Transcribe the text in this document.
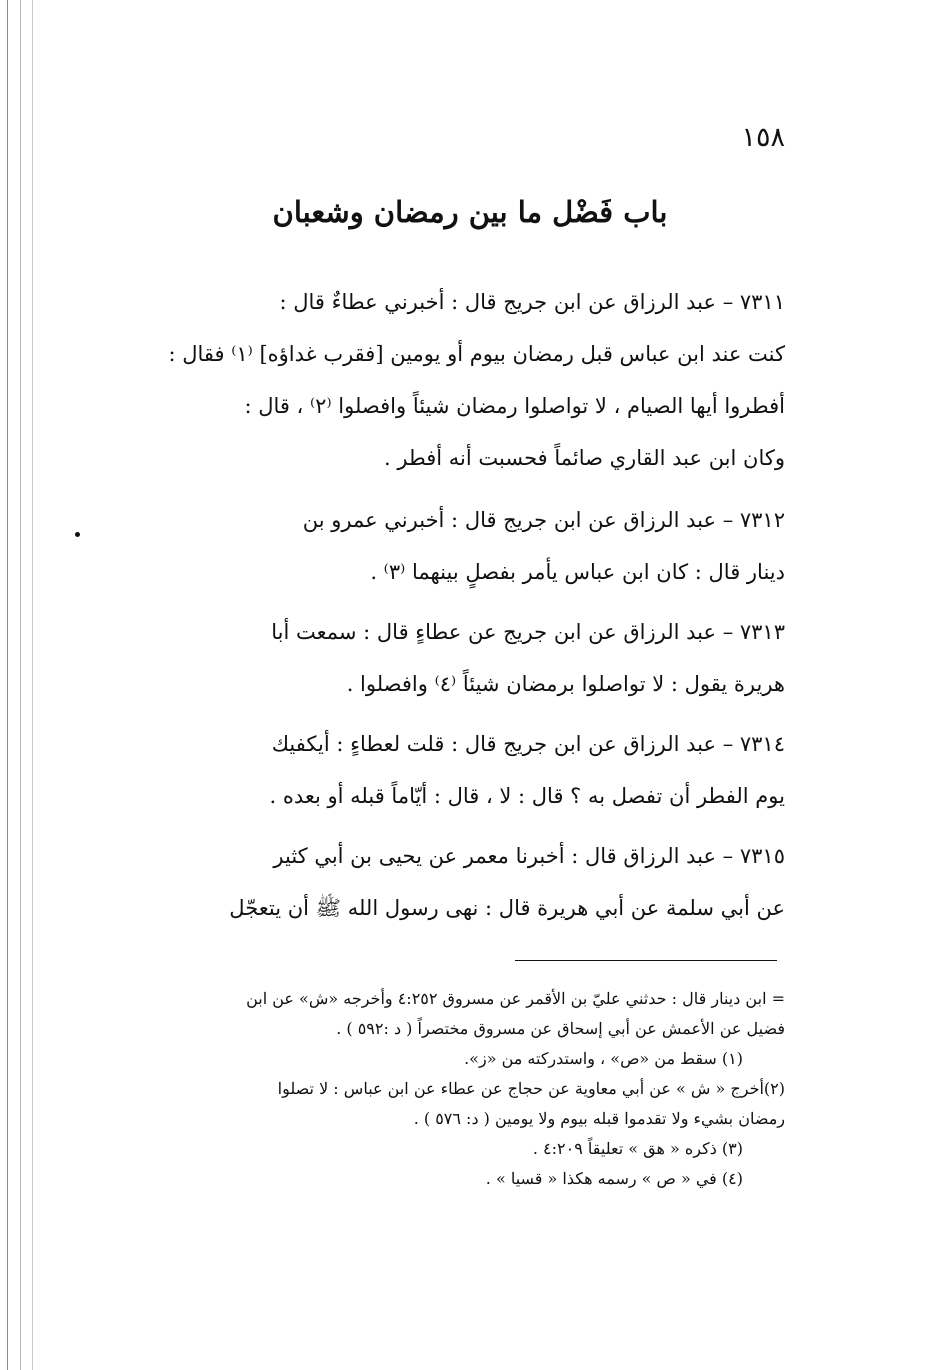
١٥٨
باب فَضْل ما بين رمضان وشعبان
٧٣١١ – عبد الرزاق عن ابن جريج قال : أخبرني عطاءٌ قال :
كنت عند ابن عباس قبل رمضان بيوم أو يومين [فقرب غداؤه] ⁽١⁾ فقال :
أفطروا أيها الصيام ، لا تواصلوا رمضان شيئاً وافصلوا ⁽٢⁾ ، قال :
وكان ابن عبد القاري صائماً فحسبت أنه أفطر .
٧٣١٢ – عبد الرزاق عن ابن جريج قال : أخبرني عمرو بن
دينار قال : كان ابن عباس يأمر بفصلٍ بينهما ⁽٣⁾ .
٧٣١٣ – عبد الرزاق عن ابن جريج عن عطاءٍ قال : سمعت أبا
هريرة يقول : لا تواصلوا برمضان شيئاً ⁽٤⁾ وافصلوا .
٧٣١٤ – عبد الرزاق عن ابن جريج قال : قلت لعطاءٍ : أيكفيك
يوم الفطر أن تفصل به ؟ قال : لا ، قال : أيّاماً قبله أو بعده .
٧٣١٥ – عبد الرزاق قال : أخبرنا معمر عن يحيى بن أبي كثير
عن أبي سلمة عن أبي هريرة قال : نهى رسول الله ﷺ أن يتعجّل
= ابن دينار قال : حدثني عليّ بن الأقمر عن مسروق ٤:٢٥٢ وأخرجه «ش» عن ابن
فضيل عن الأعمش عن أبي إسحاق عن مسروق مختصراً ( د :٥٩٢ ) .
(١) سقط من «ص» ، واستدركته من «ز».
(٢)أخرج « ش » عن أبي معاوية عن حجاج عن عطاء عن ابن عباس : لا تصلوا
رمضان بشيء ولا تقدموا قبله بيوم ولا يومين ( د: ٥٧٦ ) .
(٣) ذكره « هق » تعليقاً ٤:٢٠٩ .
(٤) في « ص » رسمه هكذا « قسيا » .
